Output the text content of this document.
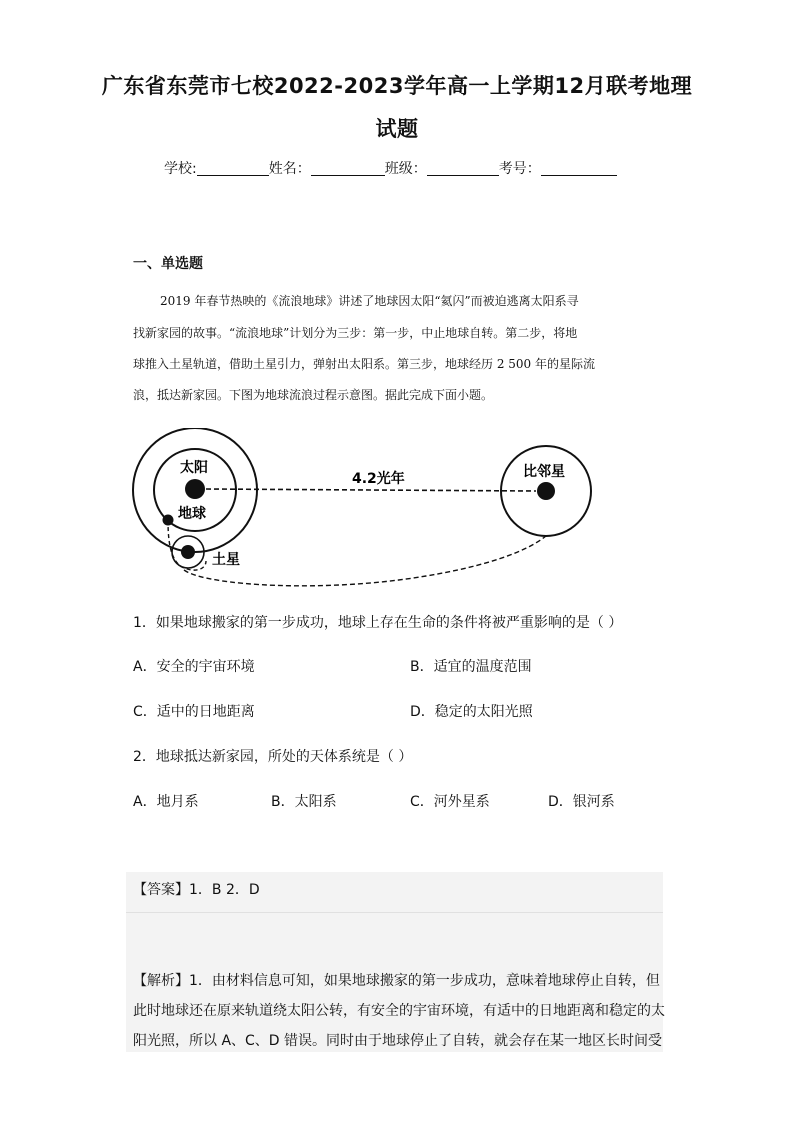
广东省东莞市七校2022-2023学年高一上学期12月联考地理
试题
学校:	姓名：	班级：	考号：
一、单选题
2019 年春节热映的《流浪地球》讲述了地球因太阳“氦闪”而被迫逃离太阳系寻
找新家园的故事。“流浪地球”计划分为三步：第一步，中止地球自转。第二步，将地
球推入土星轨道，借助土星引力，弹射出太阳系。第三步，地球经历 2 500 年的星际流
浪，抵达新家园。下图为地球流浪过程示意图。据此完成下面小题。
太阳
地球
土星
比邻星
4.2光年
1．如果地球搬家的第一步成功，地球上存在生命的条件将被严重影响的是（ ）
A．安全的宇宙环境	B．适宜的温度范围
C．适中的日地距离	D．稳定的太阳光照
2．地球抵达新家园，所处的天体系统是（ ）
A．地月系	B．太阳系	C．河外星系	D．银河系
【答案】1．B 2．D
【解析】1．由材料信息可知，如果地球搬家的第一步成功，意味着地球停止自转，但
此时地球还在原来轨道绕太阳公转，有安全的宇宙环境，有适中的日地距离和稳定的太
阳光照，所以 A、C、D 错误。同时由于地球停止了自转，就会存在某一地区长时间受
